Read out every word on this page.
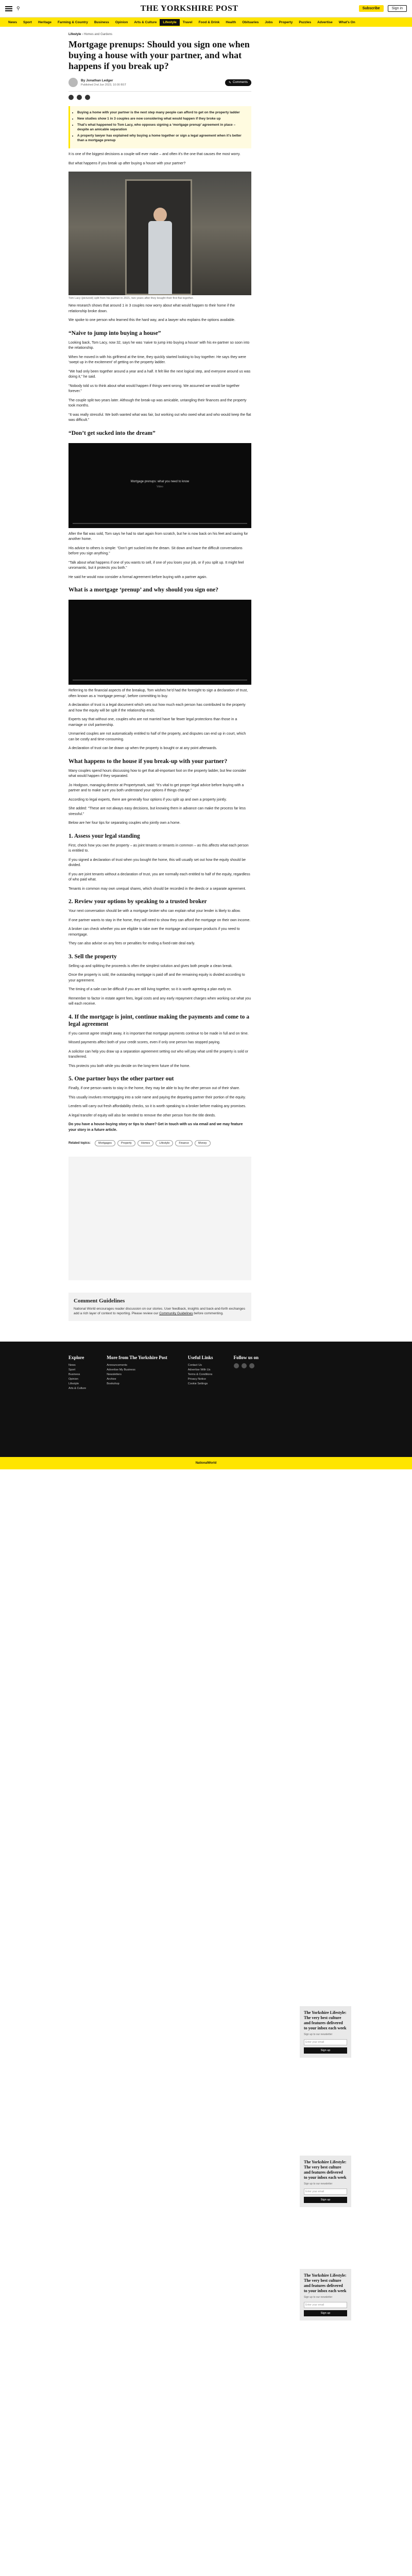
⚲	THE YORKSHIRE POST	Subscribe	Sign in
News	Sport	Heritage	Farming & Country	Business	Opinion	Arts & Culture	Lifestyle	Travel	Food & Drink	Health	Obituaries	Jobs	Property	Puzzles	Advertise	What's On
Lifestyle › Homes and Gardens
Mortgage prenups: Should you sign one when buying a house with your partner, and what happens if you break up?
By Jonathan Ledger
Published 2nd Jun 2023, 10:00 BST
✎ Comments
• Buying a home with your partner is the next step many people can afford to get on the property ladder
• New studies show 1 in 3 couples are now considering what would happen if they broke up
• That's what happened to Tom Lacy, who opposes signing a ‘mortgage prenup’ agreement in place – despite an amicable separation
• A property lawyer has explained why buying a home together or sign a legal agreement when it’s better than a mortgage prenup

It is one of the biggest decisions a couple will ever make – and often it’s the one that causes the most worry.

But what happens if you break up after buying a house with your partner?

Tom Lacy (pictured) split from his partner in 2021, two years after they bought their first flat together.

New research shows that around 1 in 3 couples now worry about what would happen to their home if the relationship broke down.

We spoke to one person who learned this the hard way, and a lawyer who explains the options available.

“Naive to jump into buying a house”

Looking back, Tom Lacy, now 32, says he was ‘naive to jump into buying a house’ with his ex-partner so soon into the relationship.

When he moved in with his girlfriend at the time, they quickly started looking to buy together. He says they were ‘swept up in the excitement’ of getting on the property ladder.

“We had only been together around a year and a half. It felt like the next logical step, and everyone around us was doing it,” he said.

“Nobody told us to think about what would happen if things went wrong. We assumed we would be together forever.”

The couple split two years later. Although the break-up was amicable, untangling their finances and the property took months.

“It was really stressful. We both wanted what was fair, but working out who owed what and who would keep the flat was difficult.”

“Don’t get sucked into the dream”
Mortgage prenups: what you need to know
Video

After the flat was sold, Tom says he had to start again from scratch, but he is now back on his feet and saving for another home.

His advice to others is simple: “Don’t get sucked into the dream. Sit down and have the difficult conversations before you sign anything.”

“Talk about what happens if one of you wants to sell, if one of you loses your job, or if you split up. It might feel unromantic, but it protects you both.”

He said he would now consider a formal agreement before buying with a partner again.

What is a mortgage ‘prenup’ and why should you sign one?

Referring to the financial aspects of the breakup, Tom wishes he’d had the foresight to sign a declaration of trust, often known as a ‘mortgage prenup’, before committing to buy.

A declaration of trust is a legal document which sets out how much each person has contributed to the property and how the equity will be split if the relationship ends.

Experts say that without one, couples who are not married have far fewer legal protections than those in a marriage or civil partnership.

Unmarried couples are not automatically entitled to half of the property, and disputes can end up in court, which can be costly and time-consuming.

A declaration of trust can be drawn up when the property is bought or at any point afterwards.

What happens to the house if you break-up with your partner?

Many couples spend hours discussing how to get that all-important foot on the property ladder, but few consider what would happen if they separated.

Jo Hodgson, managing director at Propertymark, said: “It’s vital to get proper legal advice before buying with a partner and to make sure you both understand your options if things change.”

According to legal experts, there are generally four options if you split up and own a property jointly.

She added: “These are not always easy decisions, but knowing them in advance can make the process far less stressful.”

Below are her four tips for separating couples who jointly own a home.

1. Assess your legal standing

First, check how you own the property – as joint tenants or tenants in common – as this affects what each person is entitled to.

If you signed a declaration of trust when you bought the home, this will usually set out how the equity should be divided.

If you are joint tenants without a declaration of trust, you are normally each entitled to half of the equity, regardless of who paid what.

Tenants in common may own unequal shares, which should be recorded in the deeds or a separate agreement.

2. Review your options by speaking to a trusted broker

Your next conversation should be with a mortgage broker who can explain what your lender is likely to allow.

If one partner wants to stay in the home, they will need to show they can afford the mortgage on their own income.

A broker can check whether you are eligible to take over the mortgage and compare products if you need to remortgage.

They can also advise on any fees or penalties for ending a fixed-rate deal early.

3. Sell the property

Selling up and splitting the proceeds is often the simplest solution and gives both people a clean break.

Once the property is sold, the outstanding mortgage is paid off and the remaining equity is divided according to your agreement.

The timing of a sale can be difficult if you are still living together, so it is worth agreeing a plan early on.

Remember to factor in estate agent fees, legal costs and any early repayment charges when working out what you will each receive.

4. If the mortgage is joint, continue making the payments and come to a legal agreement

If you cannot agree straight away, it is important that mortgage payments continue to be made in full and on time.

Missed payments affect both of your credit scores, even if only one person has stopped paying.

A solicitor can help you draw up a separation agreement setting out who will pay what until the property is sold or transferred.

This protects you both while you decide on the long-term future of the home.

5. One partner buys the other partner out

Finally, if one person wants to stay in the home, they may be able to buy the other person out of their share.

This usually involves remortgaging into a sole name and paying the departing partner their portion of the equity.

Lenders will carry out fresh affordability checks, so it is worth speaking to a broker before making any promises.

A legal transfer of equity will also be needed to remove the other person from the title deeds.

Do you have a house-buying story or tips to share? Get in touch with us via email and we may feature your story in a future article.

Related topics:	Mortgages	Property	Homes	Lifestyle	Finance	Money
Comment Guidelines

National World encourages reader discussion on our stories. User feedback, insights and back-and-forth exchanges add a rich layer of context to reporting. Please review our Community Guidelines before commenting.

The Yorkshire Lifestyle: The very best culture and features delivered to your inbox each week
Sign up to our newsletter
Enter your email
Sign up
The Yorkshire Lifestyle: The very best culture and features delivered to your inbox each week
Sign up to our newsletter
Enter your email
Sign up
The Yorkshire Lifestyle: The very best culture and features delivered to your inbox each week
Sign up to our newsletter
Enter your email
Sign up
Explore
News
Sport
Business
Opinion
Lifestyle
Arts & Culture
More from The Yorkshire Post
Announcements
Advertise My Business
Newsletters
Archive
Bookshop
Useful Links
Contact Us
Advertise With Us
Terms & Conditions
Privacy Notice
Cookie Settings
Follow us on
NationalWorld
